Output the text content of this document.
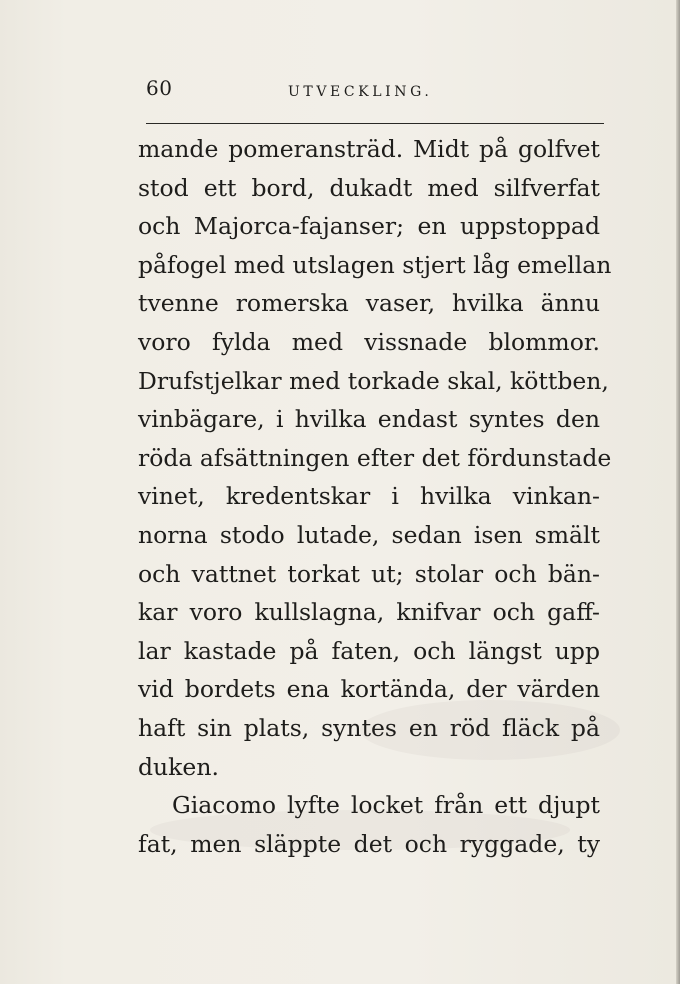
60	UTVECKLING.
mande pomeransträd. Midt på golfvet
stod ett bord, dukadt med silfverfat
och Majorca-fajanser; en uppstoppad
påfogel med utslagen stjert låg emellan
tvenne romerska vaser, hvilka ännu
voro fylda med vissnade blommor.
Drufstjelkar med torkade skal, köttben,
vinbägare, i hvilka endast syntes den
röda afsättningen efter det fördunstade
vinet, kredentskar i hvilka vinkan-
norna stodo lutade, sedan isen smält
och vattnet torkat ut; stolar och bän-
kar voro kullslagna, knifvar och gaff-
lar kastade på faten, och längst upp
vid bordets ena kortända, der värden
haft sin plats, syntes en röd fläck på
duken.
Giacomo lyfte locket från ett djupt
fat, men släppte det och ryggade, ty
